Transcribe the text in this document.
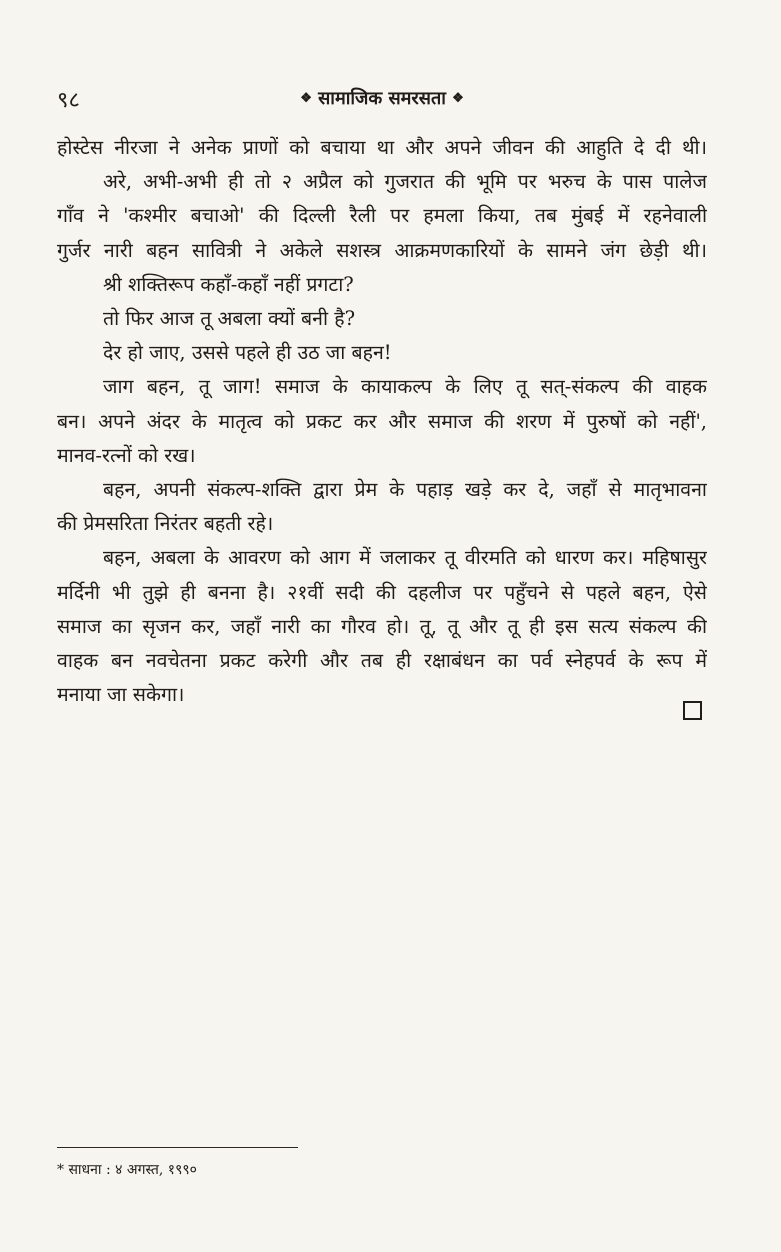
९८	❖ सामाजिक समरसता ❖
होस्टेस नीरजा ने अनेक प्राणों को बचाया था और अपने जीवन की आहुति दे दी थी।
अरे, अभी-अभी ही तो २ अप्रैल को गुजरात की भूमि पर भरुच के पास पालेज
गाँव ने 'कश्मीर बचाओ' की दिल्ली रैली पर हमला किया, तब मुंबई में रहनेवाली
गुर्जर नारी बहन सावित्री ने अकेले सशस्त्र आक्रमणकारियों के सामने जंग छेड़ी थी।
श्री शक्तिरूप कहाँ-कहाँ नहीं प्रगटा?
तो फिर आज तू अबला क्यों बनी है?
देर हो जाए, उससे पहले ही उठ जा बहन!
जाग बहन, तू जाग! समाज के कायाकल्प के लिए तू सत्-संकल्प की वाहक
बन। अपने अंदर के मातृत्व को प्रकट कर और समाज की शरण में पुरुषों को नहीं',
मानव-रत्नों को रख।
बहन, अपनी संकल्प-शक्ति द्वारा प्रेम के पहाड़ खड़े कर दे, जहाँ से मातृभावना
की प्रेमसरिता निरंतर बहती रहे।
बहन, अबला के आवरण को आग में जलाकर तू वीरमति को धारण कर। महिषासुर
मर्दिनी भी तुझे ही बनना है। २१वीं सदी की दहलीज पर पहुँचने से पहले बहन, ऐसे
समाज का सृजन कर, जहाँ नारी का गौरव हो। तू, तू और तू ही इस सत्य संकल्प की
वाहक बन नवचेतना प्रकट करेगी और तब ही रक्षाबंधन का पर्व स्नेहपर्व के रूप में
मनाया जा सकेगा।
* साधना : ४ अगस्त, १९९०
